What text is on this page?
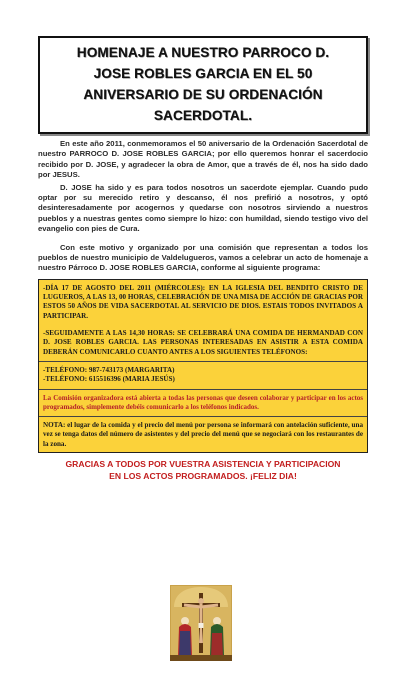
HOMENAJE A NUESTRO PARROCO D.
JOSE ROBLES GARCIA EN EL 50
ANIVERSARIO DE SU ORDENACIÓN
SACERDOTAL.

En este año 2011, conmemoramos el 50 aniversario de la Ordenación Sacerdotal de nuestro PARROCO D. JOSE ROBLES GARCIA; por ello queremos honrar el sacerdocio recibido por D. JOSE, y agradecer la obra de Amor, que a través de él, nos ha sido dado por JESUS.

D. JOSE ha sido y es para todos nosotros un sacerdote ejemplar. Cuando pudo optar por su merecido retiro y descanso, él nos prefirió a nosotros, y optó desinteresadamente por acogernos y quedarse con nosotros sirviendo a nuestros pueblos y a nuestras gentes como siempre lo hizo: con humildad, siendo testigo vivo del evangelio con pies de Cura.

Con este motivo y organizado por una comisión que representan a todos los pueblos de nuestro municipio de Valdelugueros, vamos a celebrar un acto de homenaje a nuestro Párroco D. JOSE ROBLES GARCIA, conforme al siguiente programa:

-DÍA 17 DE AGOSTO DEL 2011 (MIÉRCOLES): EN LA IGLESIA DEL BENDITO CRISTO DE LUGUEROS, A LAS 13, 00 HORAS, CELEBRACIÓN DE UNA MISA DE ACCIÓN DE GRACIAS POR ESTOS 50 AÑOS DE VIDA SACERDOTAL AL SERVICIO DE DIOS. ESTAIS TODOS INVITADOS A PARTICIPAR.

-SEGUIDAMENTE A LAS 14,30 HORAS: SE CELEBRARÁ UNA COMIDA DE HERMANDAD CON D. JOSE ROBLES GARCIA. LAS PERSONAS INTERESADAS EN ASISTIR A ESTA COMIDA DEBERÁN COMUNICARLO CUANTO ANTES A LOS SIGUIENTES TELÉFONOS:

-TELÉFONO: 987-743173 (MARGARITA)

-TELÉFONO: 615516396 (MARIA JESÚS)

La Comisión organizadora está abierta a todas las personas que deseen colaborar y participar en los actos programados, simplemente debéis comunicarlo a los teléfonos indicados.

NOTA: el lugar de la comida y el precio del menú por persona se informará con antelación suficiente, una vez se tenga datos del número de asistentes y del precio del menú que se negociará con los restaurantes de la zona.

GRACIAS A TODOS POR VUESTRA ASISTENCIA Y PARTICIPACION
EN LOS ACTOS PROGRAMADOS. ¡FELIZ DIA!
